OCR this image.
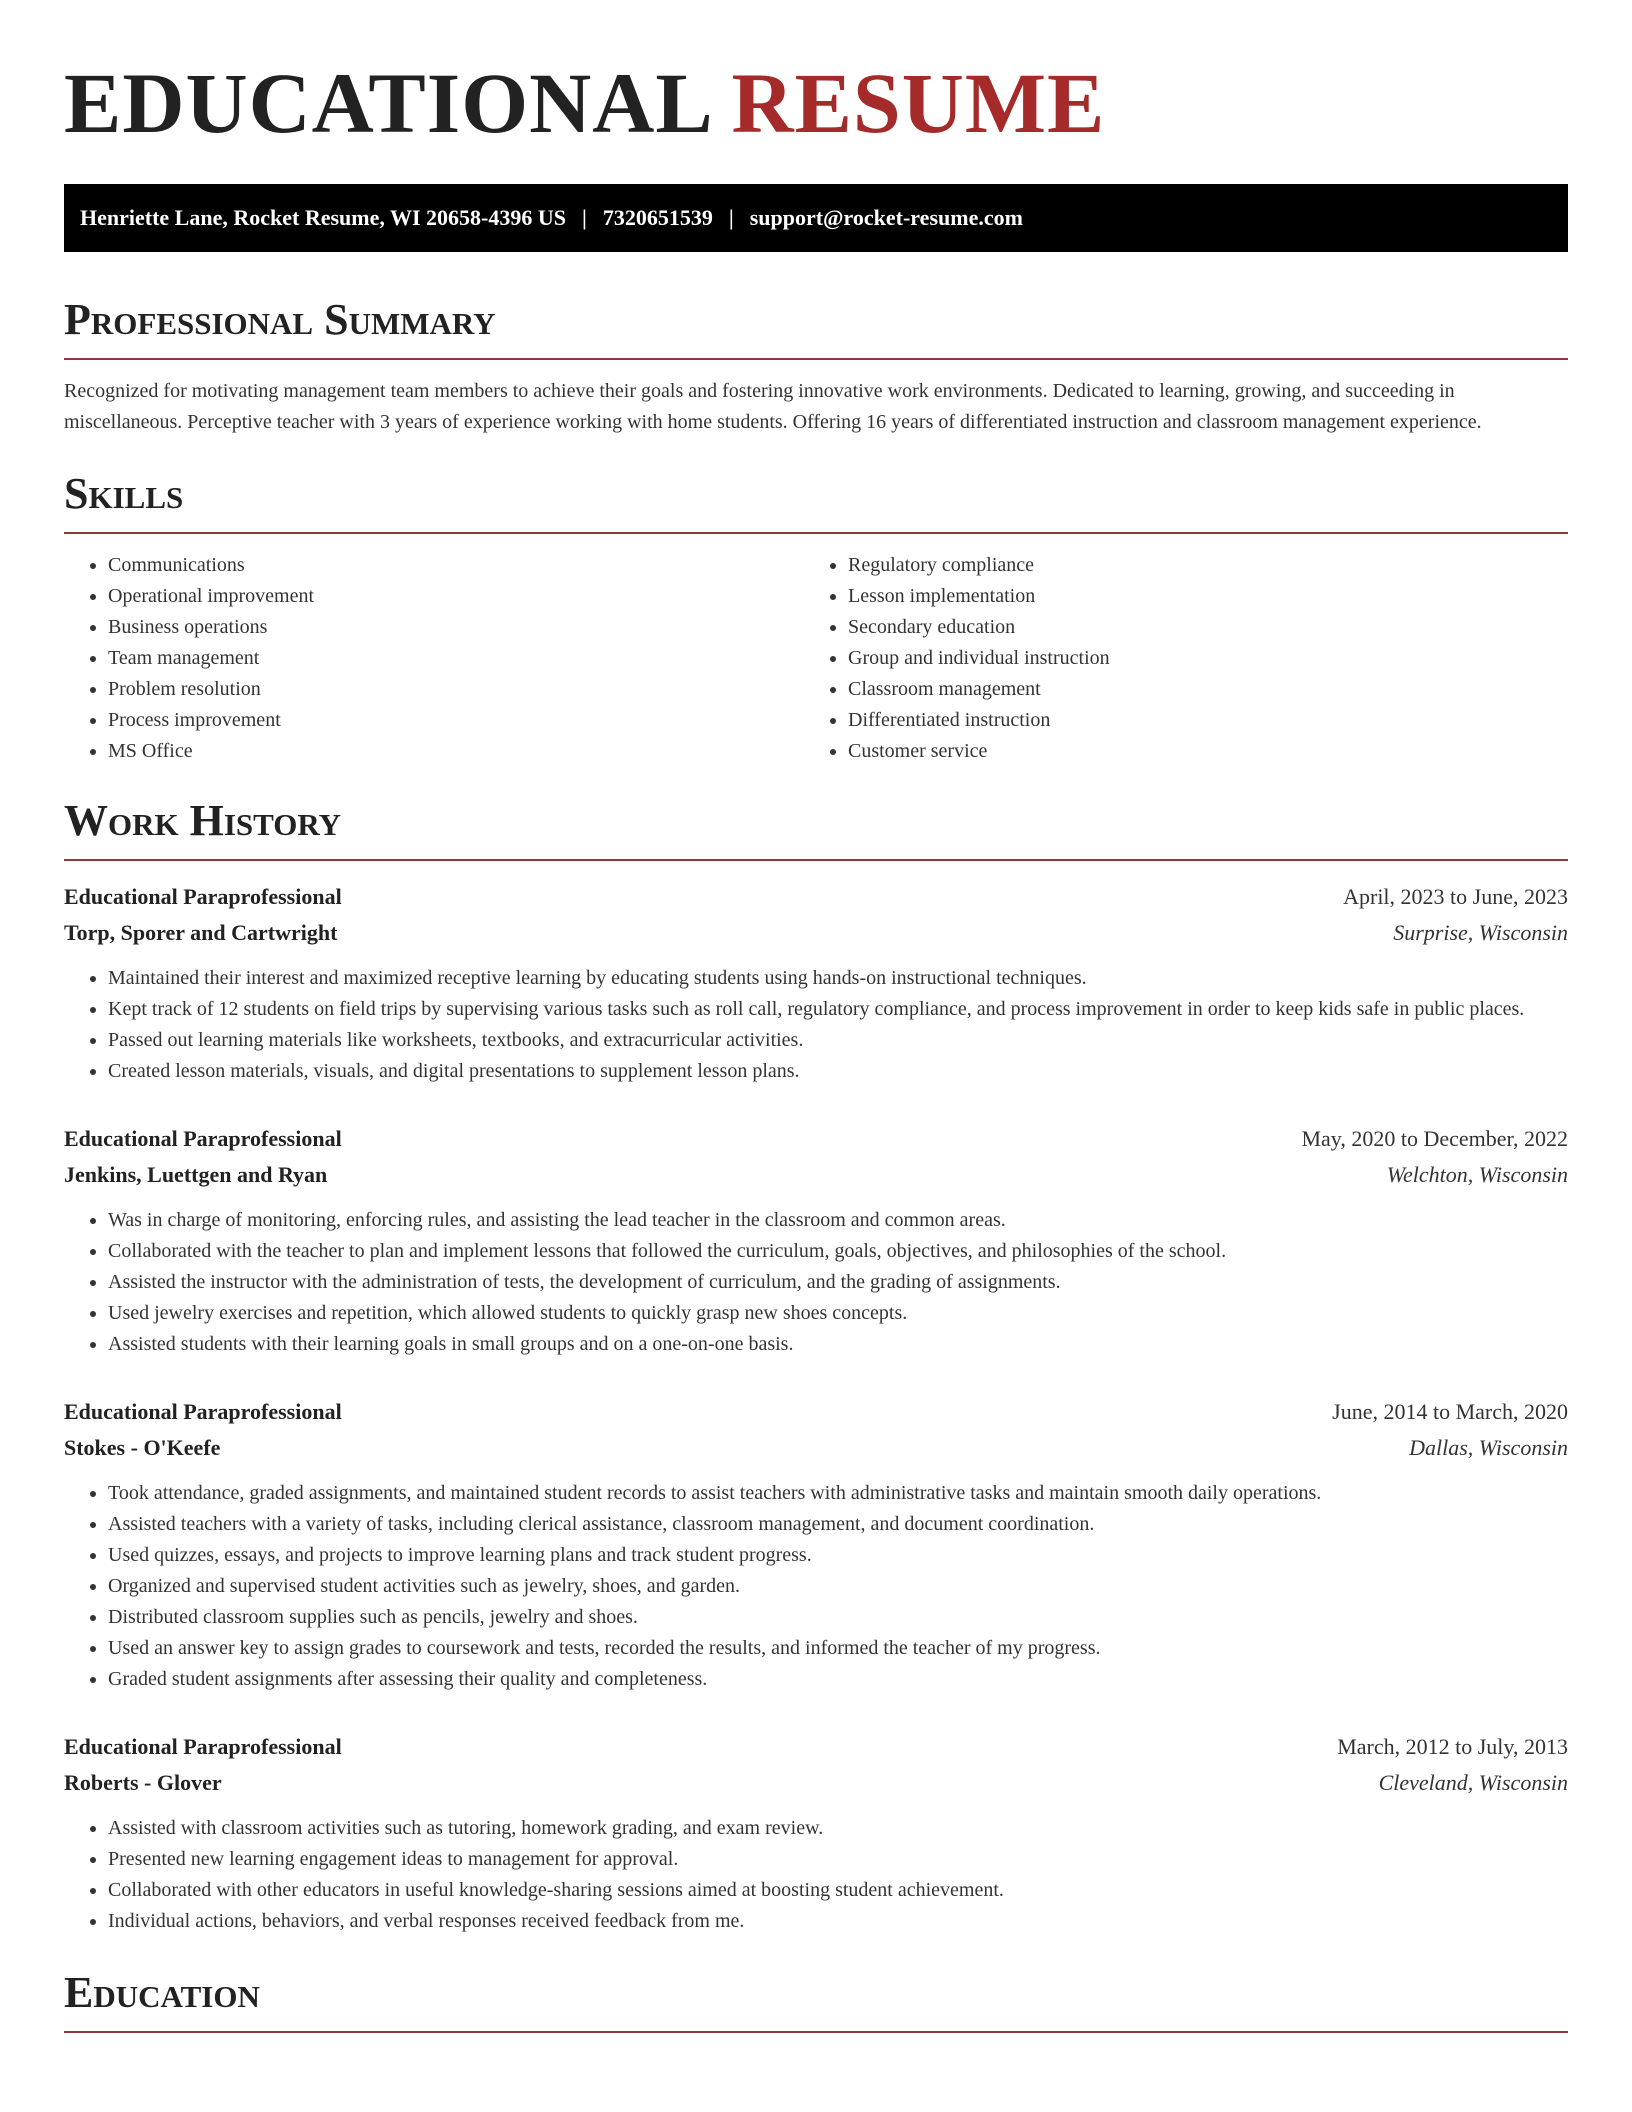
EDUCATIONAL RESUME
Henriette Lane, Rocket Resume, WI 20658-4396 US | 7320651539 | support@rocket-resume.com
Professional Summary

Recognized for motivating management team members to achieve their goals and fostering innovative work environments. Dedicated to learning, growing, and succeeding in miscellaneous. Perceptive teacher with 3 years of experience working with home students. Offering 16 years of differentiated instruction and classroom management experience.

Skills
• Communications
• Operational improvement
• Business operations
• Team management
• Problem resolution
• Process improvement
• MS Office
• Regulatory compliance
• Lesson implementation
• Secondary education
• Group and individual instruction
• Classroom management
• Differentiated instruction
• Customer service
Work History
Educational Paraprofessional	April, 2023 to June, 2023
Torp, Sporer and Cartwright	Surprise, Wisconsin
• Maintained their interest and maximized receptive learning by educating students using hands-on instructional techniques.
• Kept track of 12 students on field trips by supervising various tasks such as roll call, regulatory compliance, and process improvement in order to keep kids safe in public places.
• Passed out learning materials like worksheets, textbooks, and extracurricular activities.
• Created lesson materials, visuals, and digital presentations to supplement lesson plans.
Educational Paraprofessional	May, 2020 to December, 2022
Jenkins, Luettgen and Ryan	Welchton, Wisconsin
• Was in charge of monitoring, enforcing rules, and assisting the lead teacher in the classroom and common areas.
• Collaborated with the teacher to plan and implement lessons that followed the curriculum, goals, objectives, and philosophies of the school.
• Assisted the instructor with the administration of tests, the development of curriculum, and the grading of assignments.
• Used jewelry exercises and repetition, which allowed students to quickly grasp new shoes concepts.
• Assisted students with their learning goals in small groups and on a one-on-one basis.
Educational Paraprofessional	June, 2014 to March, 2020
Stokes - O'Keefe	Dallas, Wisconsin
• Took attendance, graded assignments, and maintained student records to assist teachers with administrative tasks and maintain smooth daily operations.
• Assisted teachers with a variety of tasks, including clerical assistance, classroom management, and document coordination.
• Used quizzes, essays, and projects to improve learning plans and track student progress.
• Organized and supervised student activities such as jewelry, shoes, and garden.
• Distributed classroom supplies such as pencils, jewelry and shoes.
• Used an answer key to assign grades to coursework and tests, recorded the results, and informed the teacher of my progress.
• Graded student assignments after assessing their quality and completeness.
Educational Paraprofessional	March, 2012 to July, 2013
Roberts - Glover	Cleveland, Wisconsin
• Assisted with classroom activities such as tutoring, homework grading, and exam review.
• Presented new learning engagement ideas to management for approval.
• Collaborated with other educators in useful knowledge-sharing sessions aimed at boosting student achievement.
• Individual actions, behaviors, and verbal responses received feedback from me.
Education
